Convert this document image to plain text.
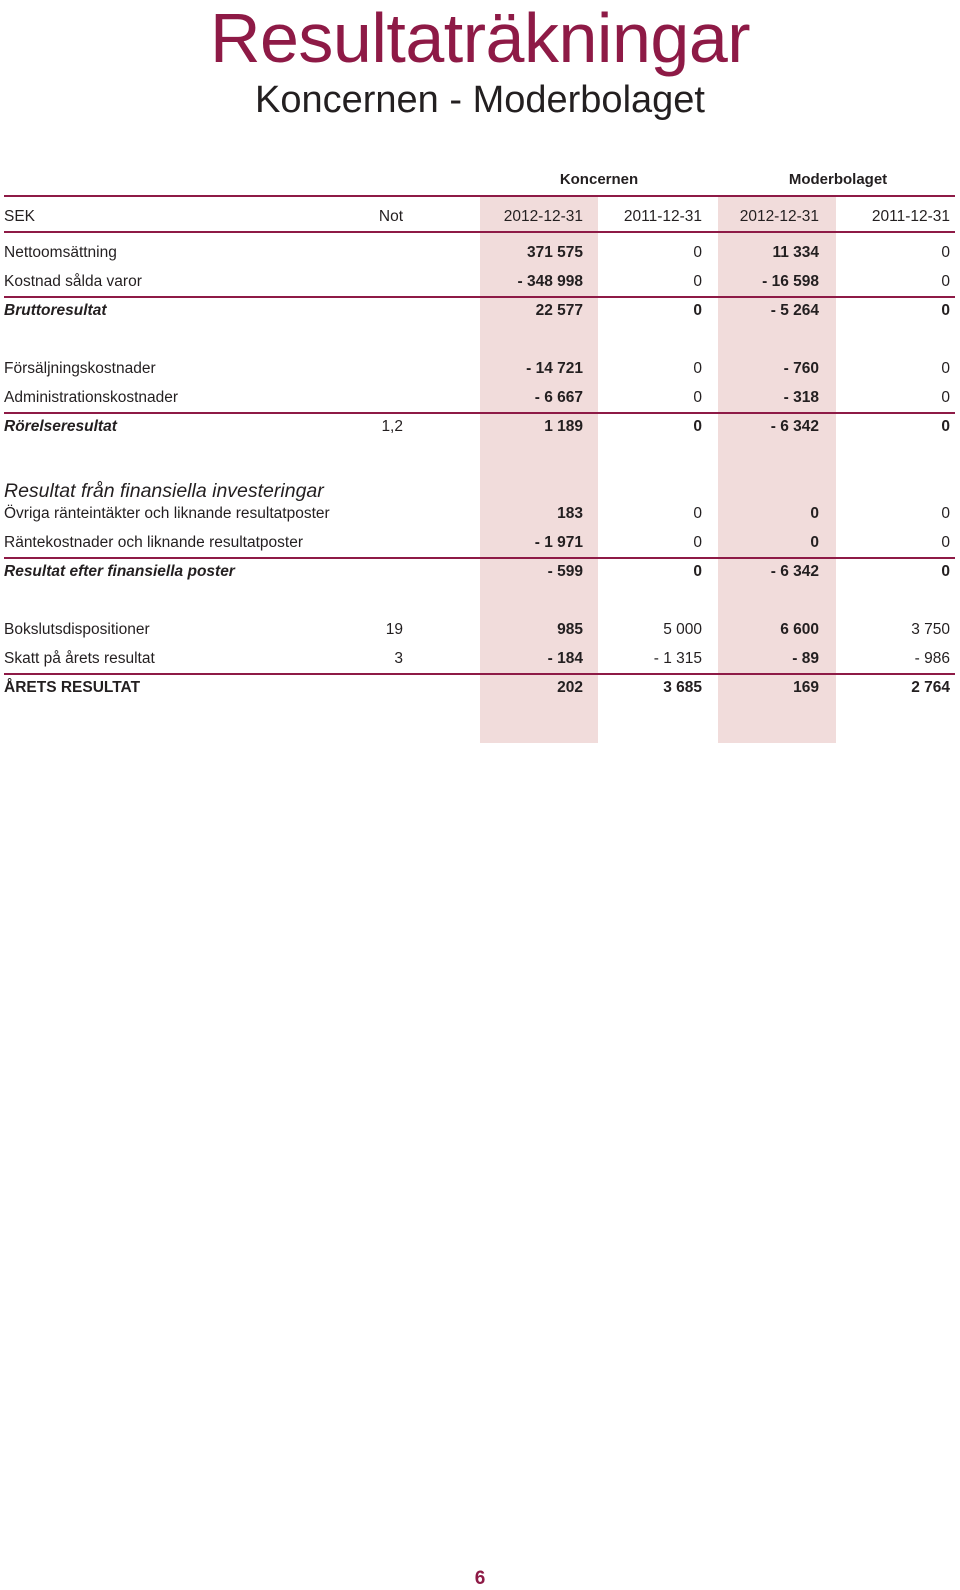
Resultaträkningar
Koncernen - Moderbolaget
Koncernen	Moderbolaget
SEK	Not	2012-12-31	2011-12-31 2012-12-31	2011-12-31
Nettoomsättning	371 575	0	11 334	0
Kostnad sålda varor	- 348 998	0	- 16 598	0
Bruttoresultat	22 577	0	- 5 264	0
Försäljningskostnader	- 14 721	0	- 760	0
Administrationskostnader	- 6 667	0	- 318	0
Rörelseresultat	1,2	1 189	0	- 6 342	0
Resultat från finansiella investeringar
Övriga ränteintäkter och liknande resultatposter	183	0	0	0
Räntekostnader och liknande resultatposter	- 1 971	0	0	0
Resultat efter finansiella poster	- 599	0	- 6 342	0
Bokslutsdispositioner	19	985	5 000	6 600	3 750
Skatt på årets resultat	3	- 184	- 1 315	- 89	- 986
ÅRETS RESULTAT	202	3 685	169	2 764
6
